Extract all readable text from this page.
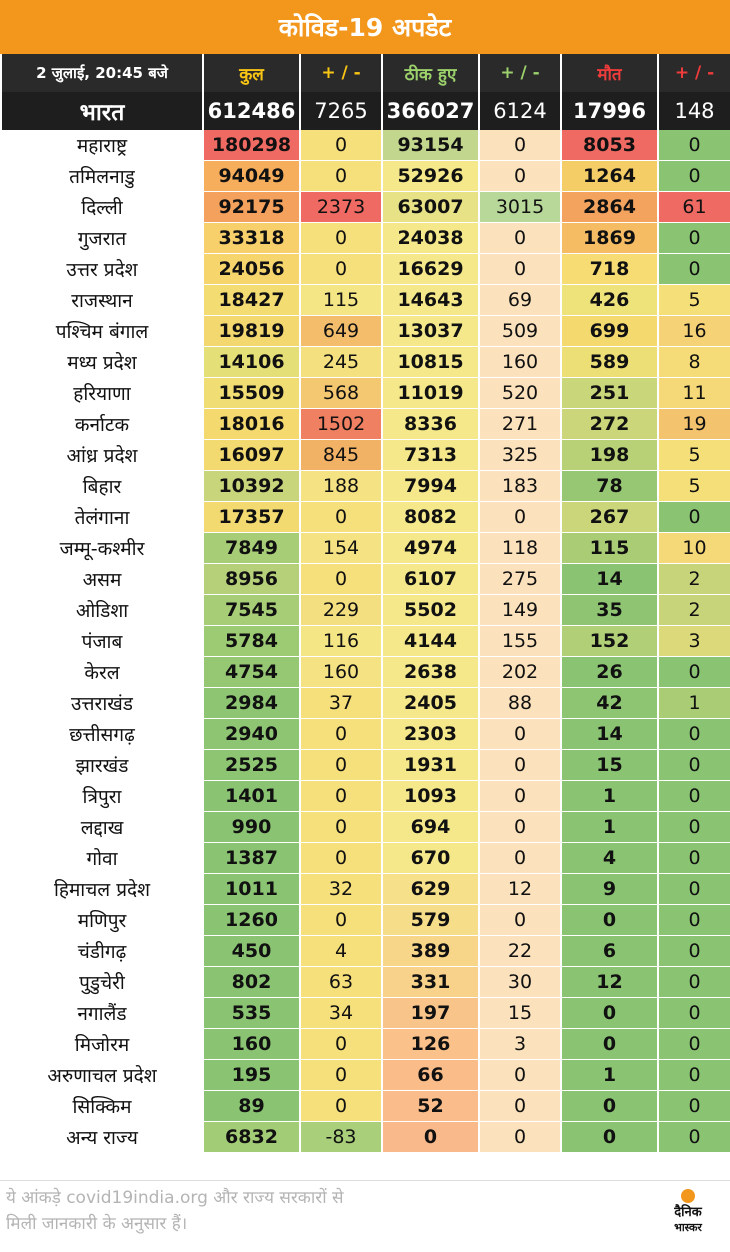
कोविड-19 अपडेट
2 जुलाई, 20:45 बजे	कुल	+ / -	ठीक हुए	+ / -	मौत	+ / -
भारत	612486	7265	366027	6124	17996	148
महाराष्ट्र	180298	0	93154	0	8053	0
तमिलनाडु	94049	0	52926	0	1264	0
दिल्ली	92175	2373	63007	3015	2864	61
गुजरात	33318	0	24038	0	1869	0
उत्तर प्रदेश	24056	0	16629	0	718	0
राजस्थान	18427	115	14643	69	426	5
पश्चिम बंगाल	19819	649	13037	509	699	16
मध्य प्रदेश	14106	245	10815	160	589	8
हरियाणा	15509	568	11019	520	251	11
कर्नाटक	18016	1502	8336	271	272	19
आंध्र प्रदेश	16097	845	7313	325	198	5
बिहार	10392	188	7994	183	78	5
तेलंगाना	17357	0	8082	0	267	0
जम्मू-कश्मीर	7849	154	4974	118	115	10
असम	8956	0	6107	275	14	2
ओडिशा	7545	229	5502	149	35	2
पंजाब	5784	116	4144	155	152	3
केरल	4754	160	2638	202	26	0
उत्तराखंड	2984	37	2405	88	42	1
छत्तीसगढ़	2940	0	2303	0	14	0
झारखंड	2525	0	1931	0	15	0
त्रिपुरा	1401	0	1093	0	1	0
लद्दाख	990	0	694	0	1	0
गोवा	1387	0	670	0	4	0
हिमाचल प्रदेश	1011	32	629	12	9	0
मणिपुर	1260	0	579	0	0	0
चंडीगढ़	450	4	389	22	6	0
पुडुचेरी	802	63	331	30	12	0
नगालैंड	535	34	197	15	0	0
मिजोरम	160	0	126	3	0	0
अरुणाचल प्रदेश	195	0	66	0	1	0
सिक्किम	89	0	52	0	0	0
अन्य राज्य	6832	-83	0	0	0	0
ये आंकड़े covid19india.org और राज्य सरकारों से
मिली जानकारी के अनुसार हैं।
दैनिक
भास्कर
